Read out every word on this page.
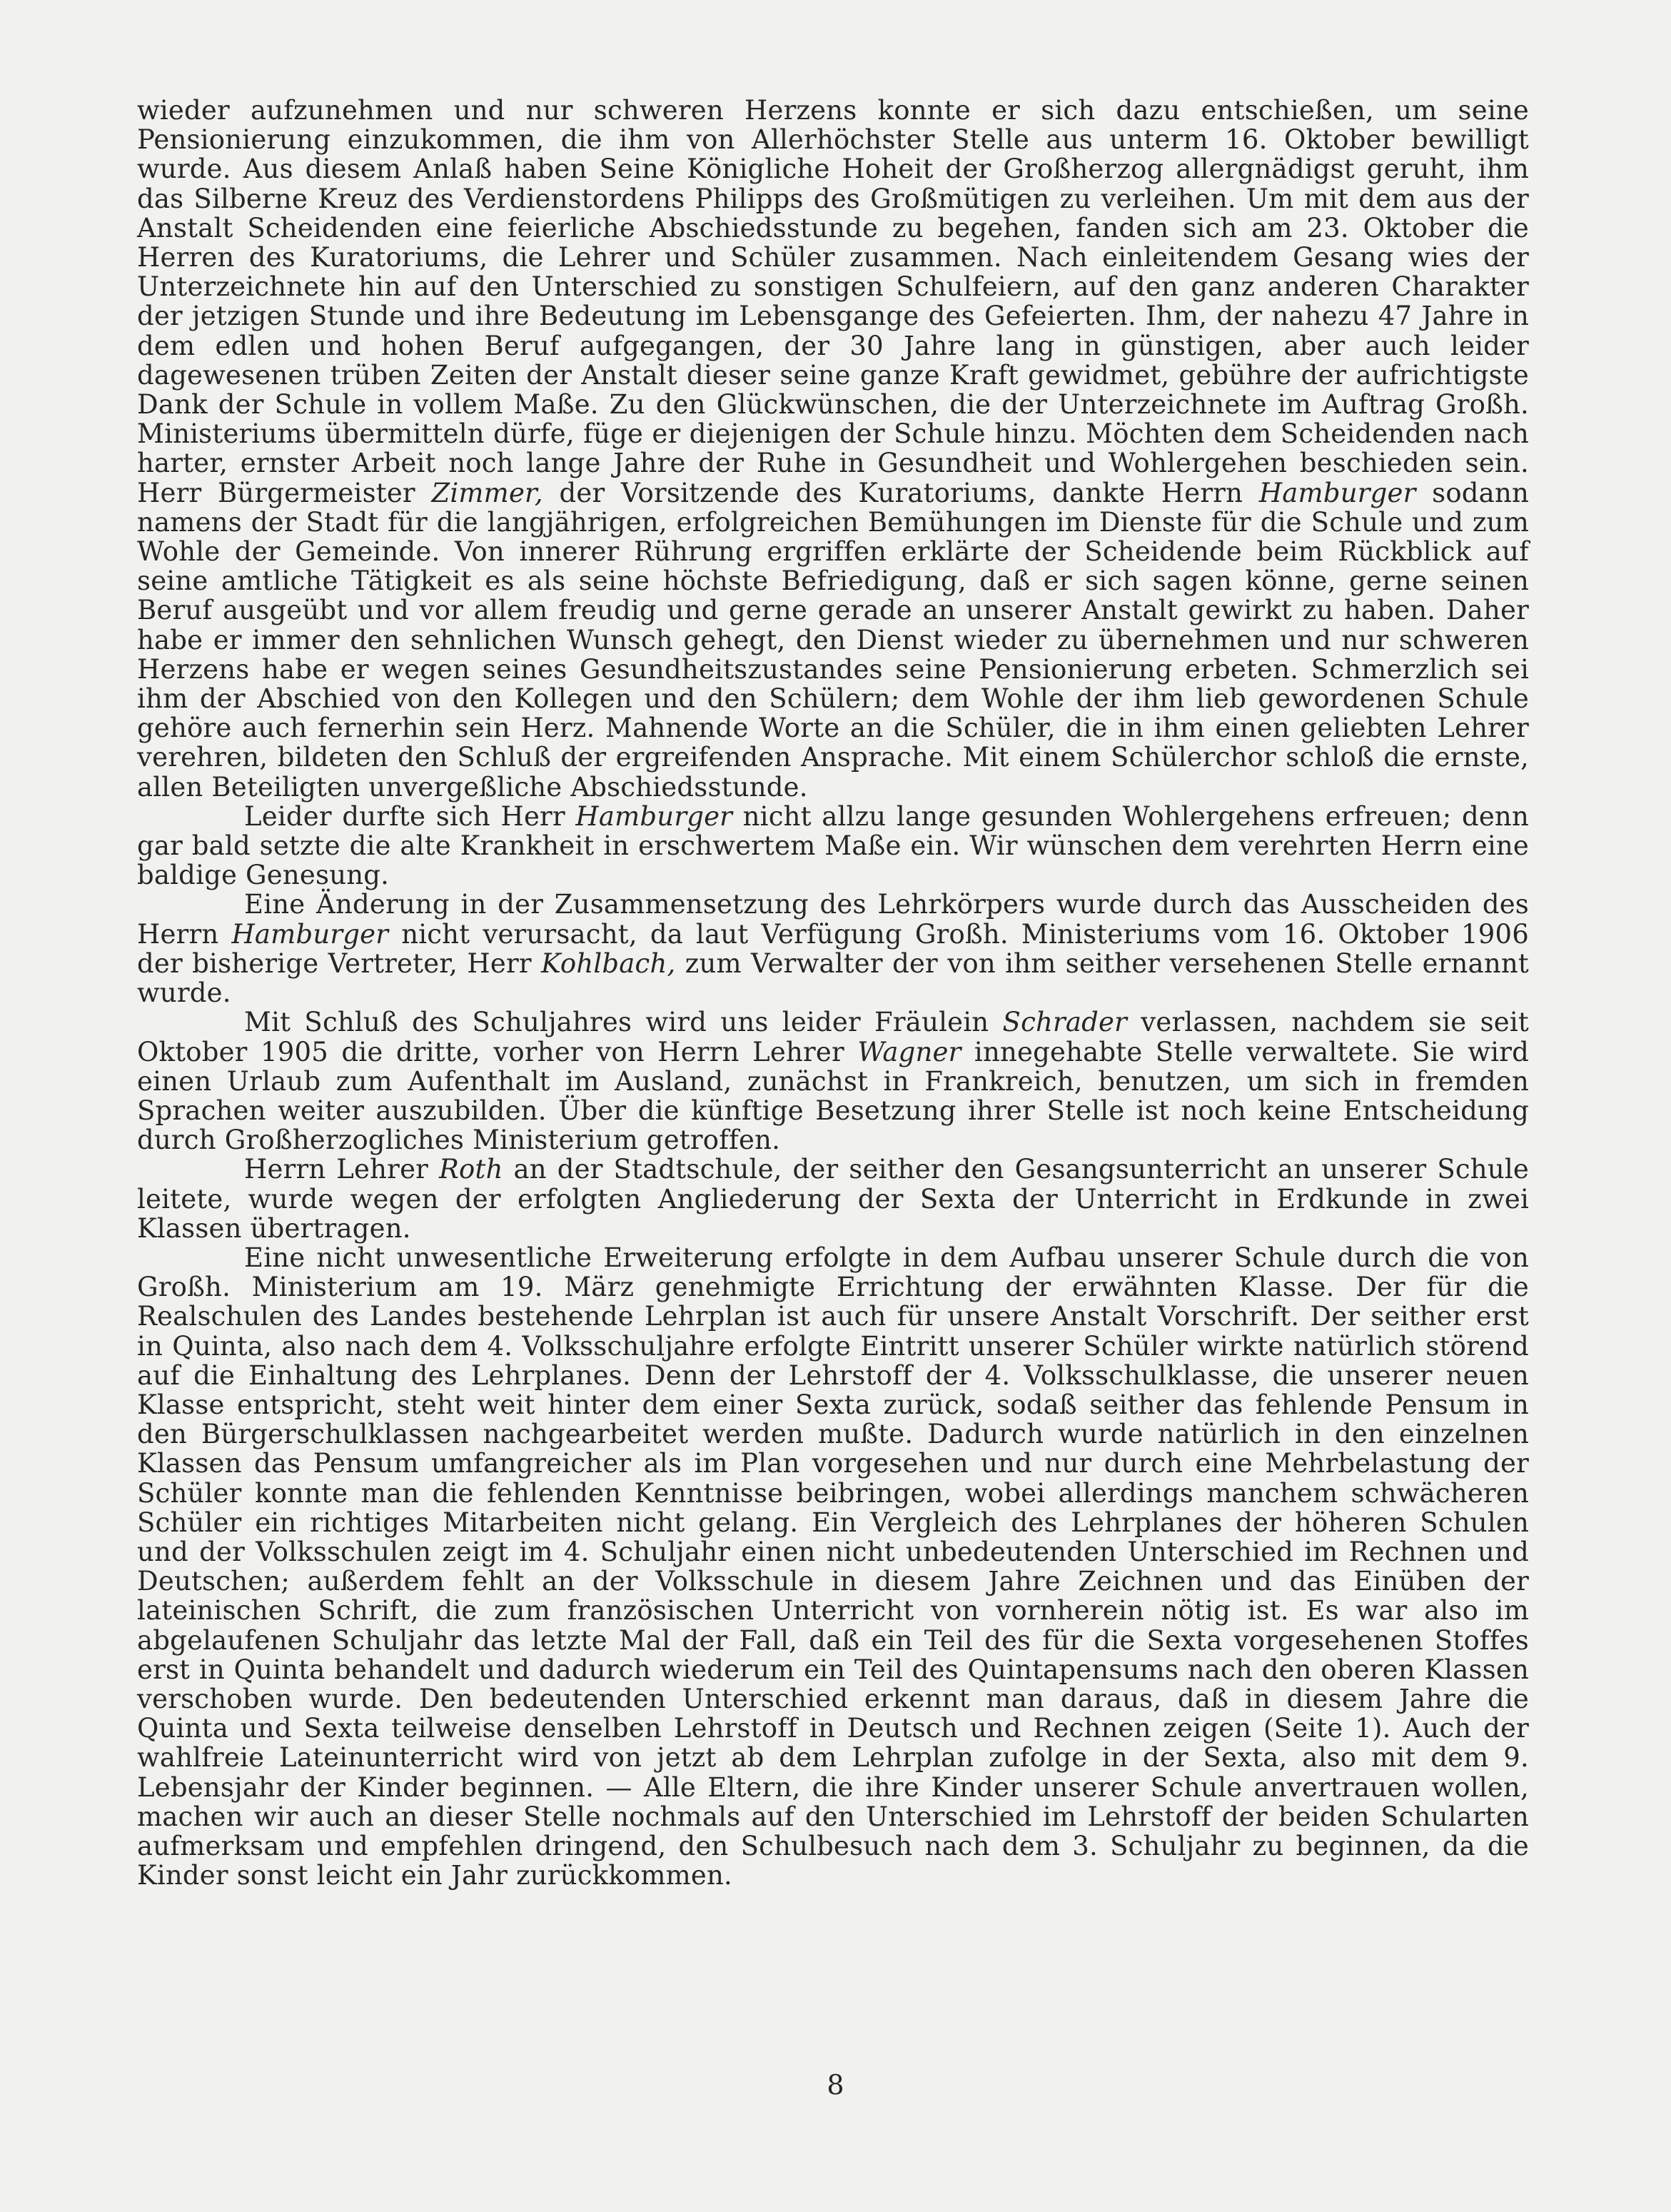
wieder aufzunehmen und nur schweren Herzens konnte er sich dazu entschießen, um seine Pensionierung einzukommen, die ihm von Allerhöchster Stelle aus unterm 16. Oktober bewilligt wurde. Aus diesem Anlaß haben Seine Königliche Hoheit der Großherzog allergnädigst geruht, ihm das Silberne Kreuz des Verdienstordens Philipps des Großmütigen zu verleihen. Um mit dem aus der Anstalt Scheidenden eine feierliche Abschiedsstunde zu begehen, fanden sich am 23. Oktober die Herren des Kuratoriums, die Lehrer und Schüler zusammen. Nach einleitendem Gesang wies der Unterzeichnete hin auf den Unterschied zu sonstigen Schulfeiern, auf den ganz anderen Charakter der jetzigen Stunde und ihre Bedeutung im Lebensgange des Gefeierten. Ihm, der nahezu 47 Jahre in dem edlen und hohen Beruf aufgegangen, der 30 Jahre lang in günstigen, aber auch leider dagewesenen trüben Zeiten der Anstalt dieser seine ganze Kraft gewidmet, gebühre der aufrichtigste Dank der Schule in vollem Maße. Zu den Glückwünschen, die der Unterzeichnete im Auftrag Großh. Ministeriums übermitteln dürfe, füge er diejenigen der Schule hinzu. Möchten dem Scheidenden nach harter, ernster Arbeit noch lange Jahre der Ruhe in Gesundheit und Wohlergehen beschieden sein. Herr Bürgermeister Zimmer, der Vorsitzende des Kuratoriums, dankte Herrn Hamburger sodann namens der Stadt für die langjährigen, erfolgreichen Bemühungen im Dienste für die Schule und zum Wohle der Gemeinde. Von innerer Rührung ergriffen erklärte der Scheidende beim Rückblick auf seine amtliche Tätigkeit es als seine höchste Befriedigung, daß er sich sagen könne, gerne seinen Beruf ausgeübt und vor allem freudig und gerne gerade an unserer Anstalt gewirkt zu haben. Daher habe er immer den sehnlichen Wunsch gehegt, den Dienst wieder zu übernehmen und nur schweren Herzens habe er wegen seines Gesundheitszustandes seine Pensionierung erbeten. Schmerzlich sei ihm der Abschied von den Kollegen und den Schülern; dem Wohle der ihm lieb gewordenen Schule gehöre auch fernerhin sein Herz. Mahnende Worte an die Schüler, die in ihm einen geliebten Lehrer verehren, bildeten den Schluß der ergreifenden Ansprache. Mit einem Schülerchor schloß die ernste, allen Beteiligten unvergeßliche Abschiedsstunde.

Leider durfte sich Herr Hamburger nicht allzu lange gesunden Wohlergehens erfreuen; denn gar bald setzte die alte Krankheit in erschwertem Maße ein. Wir wünschen dem verehrten Herrn eine baldige Genesung.

Eine Änderung in der Zusammensetzung des Lehrkörpers wurde durch das Ausscheiden des Herrn Hamburger nicht verursacht, da laut Verfügung Großh. Ministeriums vom 16. Oktober 1906 der bisherige Vertreter, Herr Kohlbach, zum Verwalter der von ihm seither versehenen Stelle ernannt wurde.

Mit Schluß des Schuljahres wird uns leider Fräulein Schrader verlassen, nachdem sie seit Oktober 1905 die dritte, vorher von Herrn Lehrer Wagner innegehabte Stelle verwaltete. Sie wird einen Urlaub zum Aufenthalt im Ausland, zunächst in Frankreich, benutzen, um sich in fremden Sprachen weiter auszubilden. Über die künftige Besetzung ihrer Stelle ist noch keine Entscheidung durch Großherzogliches Ministerium getroffen.

Herrn Lehrer Roth an der Stadtschule, der seither den Gesangsunterricht an unserer Schule leitete, wurde wegen der erfolgten Angliederung der Sexta der Unterricht in Erdkunde in zwei Klassen übertragen.

Eine nicht unwesentliche Erweiterung erfolgte in dem Aufbau unserer Schule durch die von Großh. Ministerium am 19. März genehmigte Errichtung der erwähnten Klasse. Der für die Realschulen des Landes bestehende Lehrplan ist auch für unsere Anstalt Vorschrift. Der seither erst in Quinta, also nach dem 4. Volksschuljahre erfolgte Eintritt unserer Schüler wirkte natürlich störend auf die Einhaltung des Lehrplanes. Denn der Lehrstoff der 4. Volksschulklasse, die unserer neuen Klasse entspricht, steht weit hinter dem einer Sexta zurück, sodaß seither das fehlende Pensum in den Bürgerschulklassen nachgearbeitet werden mußte. Dadurch wurde natürlich in den einzelnen Klassen das Pensum umfangreicher als im Plan vorgesehen und nur durch eine Mehrbelastung der Schüler konnte man die fehlenden Kenntnisse beibringen, wobei allerdings manchem schwächeren Schüler ein richtiges Mitarbeiten nicht gelang. Ein Vergleich des Lehrplanes der höheren Schulen und der Volksschulen zeigt im 4. Schuljahr einen nicht unbedeutenden Unterschied im Rechnen und Deutschen; außerdem fehlt an der Volksschule in diesem Jahre Zeichnen und das Einüben der lateinischen Schrift, die zum französischen Unterricht von vornherein nötig ist. Es war also im abgelaufenen Schuljahr das letzte Mal der Fall, daß ein Teil des für die Sexta vorgesehenen Stoffes erst in Quinta behandelt und dadurch wiederum ein Teil des Quintapensums nach den oberen Klassen verschoben wurde. Den bedeutenden Unterschied erkennt man daraus, daß in diesem Jahre die Quinta und Sexta teilweise denselben Lehrstoff in Deutsch und Rechnen zeigen (Seite 1). Auch der wahlfreie Lateinunterricht wird von jetzt ab dem Lehrplan zufolge in der Sexta, also mit dem 9. Lebensjahr der Kinder beginnen. — Alle Eltern, die ihre Kinder unserer Schule anvertrauen wollen, machen wir auch an dieser Stelle nochmals auf den Unterschied im Lehrstoff der beiden Schularten aufmerksam und empfehlen dringend, den Schulbesuch nach dem 3. Schuljahr zu beginnen, da die Kinder sonst leicht ein Jahr zurückkommen.

8
